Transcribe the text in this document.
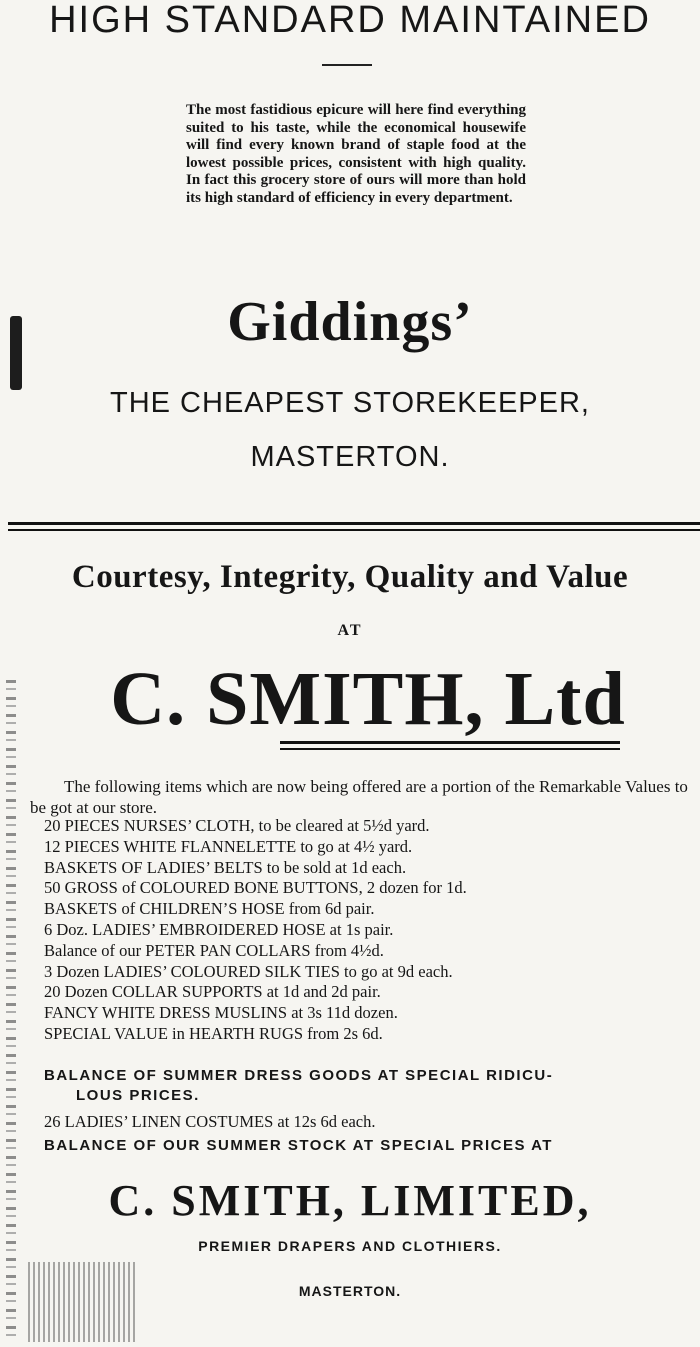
HIGH STANDARD MAINTAINED

The most fastidious epicure will here find everything suited to his taste, while the economical housewife will find every known brand of staple food at the lowest possible prices, consistent with high quality. In fact this grocery store of ours will more than hold its high standard of efficiency in every department.

Giddings’
THE CHEAPEST STOREKEEPER,
MASTERTON.
Courtesy, Integrity, Quality and Value
AT
C. SMITH, Ltd

The following items which are now being offered are a portion of the Remarkable Values to be got at our store.

20 PIECES NURSES’ CLOTH, to be cleared at 5½d yard.
12 PIECES WHITE FLANNELETTE to go at 4½ yard.
BASKETS OF LADIES’ BELTS to be sold at 1d each.
50 GROSS of COLOURED BONE BUTTONS, 2 dozen for 1d.
BASKETS of CHILDREN’S HOSE from 6d pair.
6 Doz. LADIES’ EMBROIDERED HOSE at 1s pair.
Balance of our PETER PAN COLLARS from 4½d.
3 Dozen LADIES’ COLOURED SILK TIES to go at 9d each.
20 Dozen COLLAR SUPPORTS at 1d and 2d pair.
FANCY WHITE DRESS MUSLINS at 3s 11d dozen.
SPECIAL VALUE in HEARTH RUGS from 2s 6d.
BALANCE OF SUMMER DRESS GOODS AT SPECIAL RIDICU-
LOUS PRICES.
26 LADIES’ LINEN COSTUMES at 12s 6d each.
BALANCE OF OUR SUMMER STOCK AT SPECIAL PRICES AT
C. SMITH, LIMITED,
PREMIER DRAPERS AND CLOTHIERS.
MASTERTON.
